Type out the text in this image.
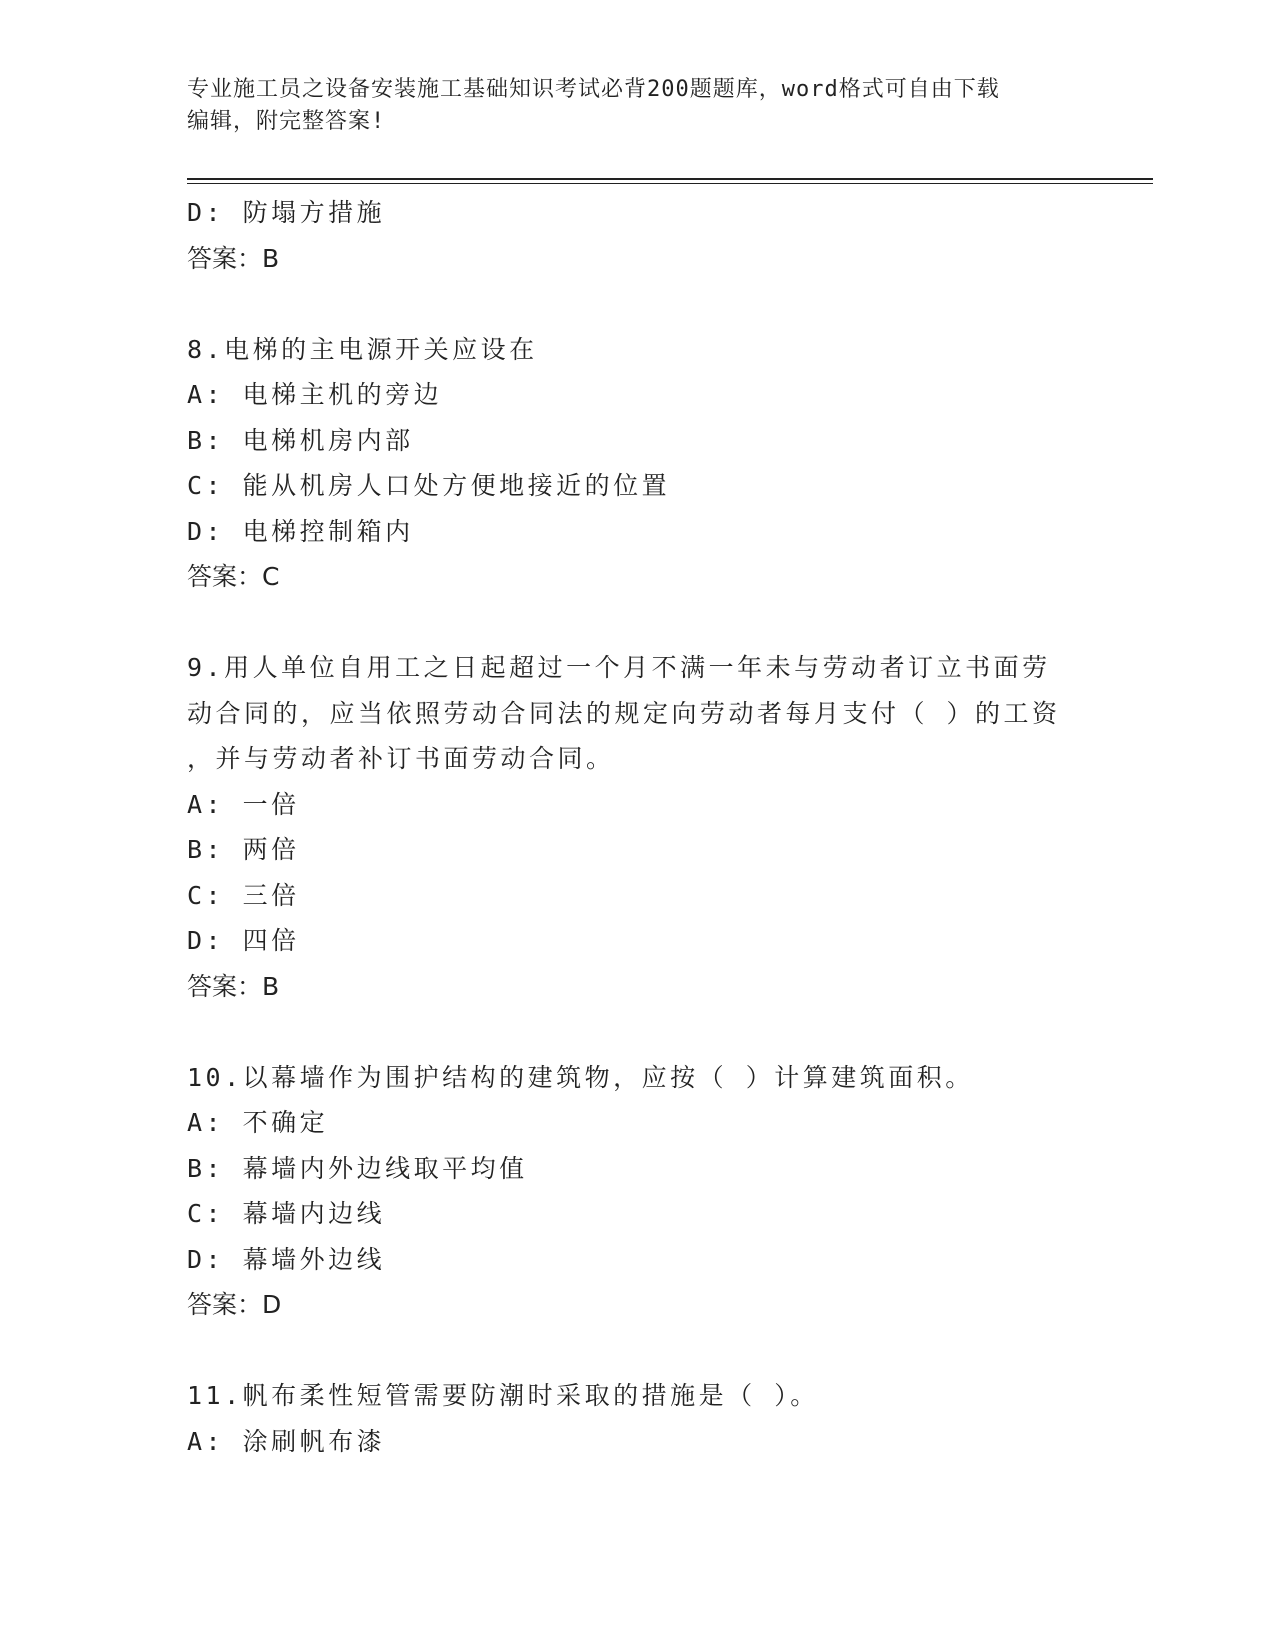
专业施工员之设备安装施工基础知识考试必背200题题库，word格式可自由下载
编辑，附完整答案!
D: 防塌方措施
答案：B
8.电梯的主电源开关应设在
A: 电梯主机的旁边
B: 电梯机房内部
C: 能从机房人口处方便地接近的位置
D: 电梯控制箱内
答案：C
9.用人单位自用工之日起超过一个月不满一年未与劳动者订立书面劳
动合同的，应当依照劳动合同法的规定向劳动者每月支付（ ）的工资
，并与劳动者补订书面劳动合同。
A: 一倍
B: 两倍
C: 三倍
D: 四倍
答案：B
10.以幕墙作为围护结构的建筑物，应按（ ）计算建筑面积。
A: 不确定
B: 幕墙内外边线取平均值
C: 幕墙内边线
D: 幕墙外边线
答案：D
11.帆布柔性短管需要防潮时采取的措施是（ ）。
A: 涂刷帆布漆
